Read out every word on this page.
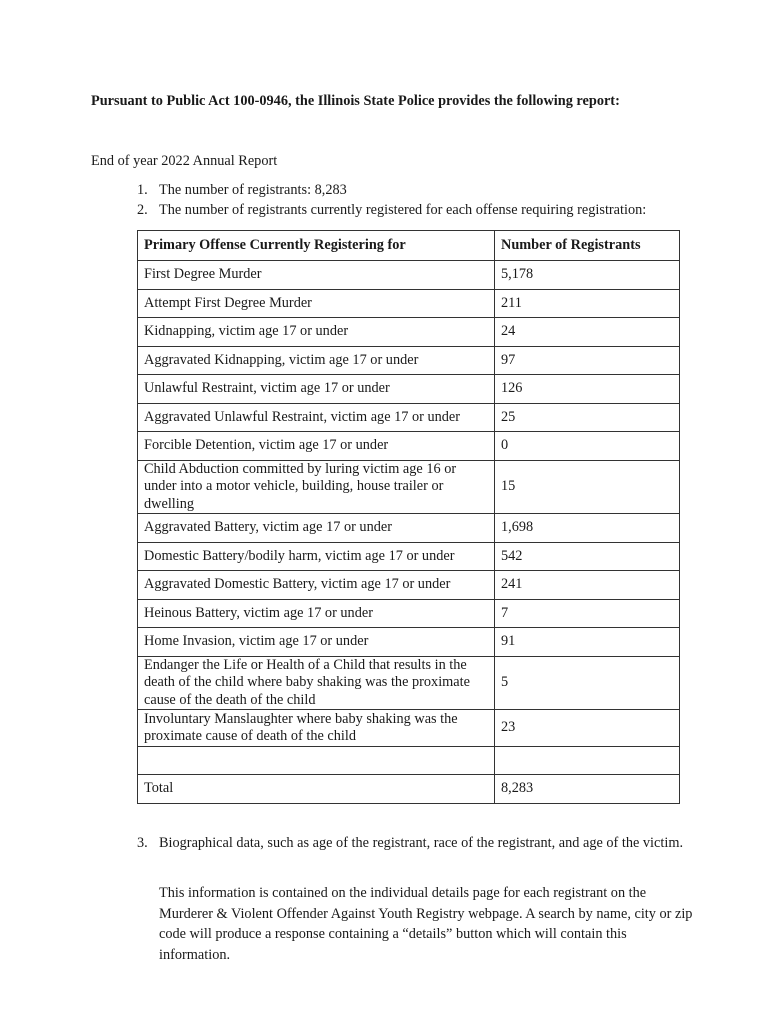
Pursuant to Public Act 100-0946, the Illinois State Police provides the following report:
End of year 2022 Annual Report
1. The number of registrants: 8,283
2. The number of registrants currently registered for each offense requiring registration:
Primary Offense Currently Registering for	Number of Registrants
First Degree Murder	5,178
Attempt First Degree Murder	211
Kidnapping, victim age 17 or under	24
Aggravated Kidnapping, victim age 17 or under	97
Unlawful Restraint, victim age 17 or under	126
Aggravated Unlawful Restraint, victim age 17 or under	25
Forcible Detention, victim age 17 or under	0
Child Abduction committed by luring victim age 16 or under into a motor vehicle, building, house trailer or dwelling	15
Aggravated Battery, victim age 17 or under	1,698
Domestic Battery/bodily harm, victim age 17 or under	542
Aggravated Domestic Battery, victim age 17 or under	241
Heinous Battery, victim age 17 or under	7
Home Invasion, victim age 17 or under	91
Endanger the Life or Health of a Child that results in the death of the child where baby shaking was the proximate cause of the death of the child	5
Involuntary Manslaughter where baby shaking was the proximate cause of death of the child	23

Total	8,283
3. Biographical data, such as age of the registrant, race of the registrant, and age of the victim.
This information is contained on the individual details page for each registrant on the Murderer & Violent Offender Against Youth Registry webpage. A search by name, city or zip code will produce a response containing a “details” button which will contain this information.
